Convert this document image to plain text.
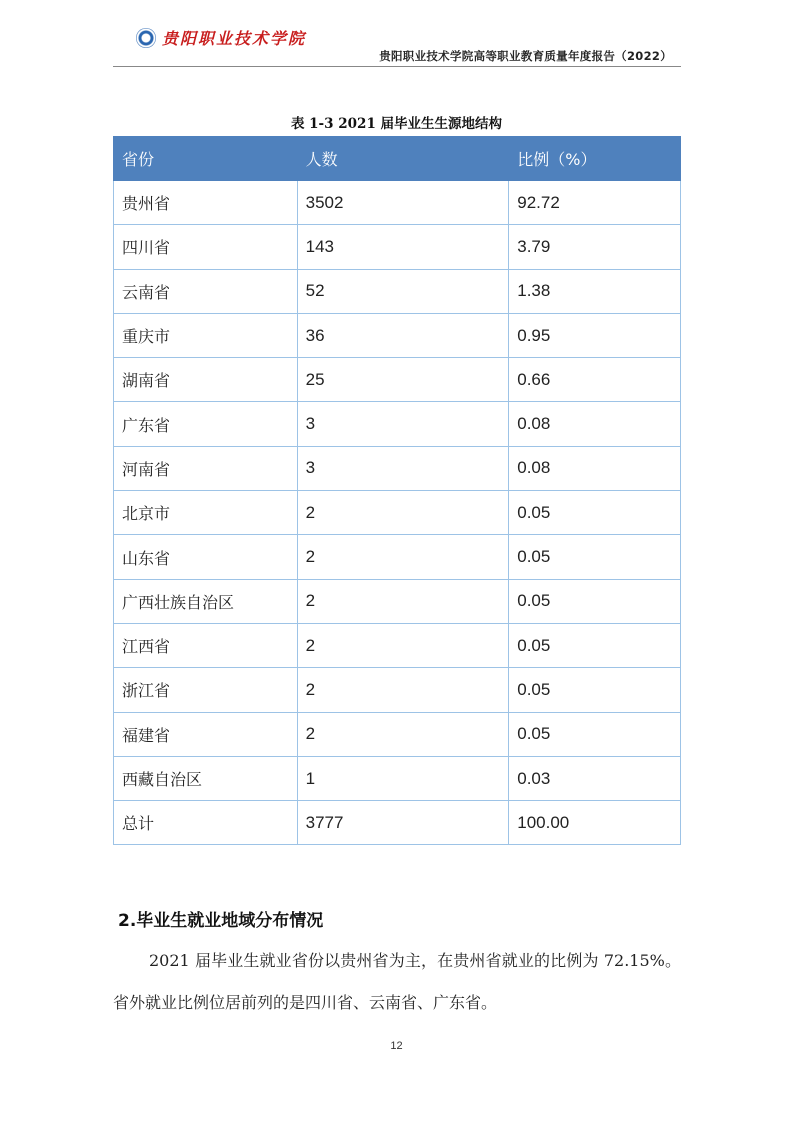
贵阳职业技术学院
贵阳职业技术学院高等职业教育质量年度报告（2022）
表 1-3 2021 届毕业生生源地结构
省份	人数	比例（%）
贵州省	3502	92.72
四川省	143	3.79
云南省	52	1.38
重庆市	36	0.95
湖南省	25	0.66
广东省	3	0.08
河南省	3	0.08
北京市	2	0.05
山东省	2	0.05
广西壮族自治区	2	0.05
江西省	2	0.05
浙江省	2	0.05
福建省	2	0.05
西藏自治区	1	0.03
总计	3777	100.00
2.毕业生就业地域分布情况

2021 届毕业生就业省份以贵州省为主，在贵州省就业的比例为 72.15%。省外就业比例位居前列的是四川省、云南省、广东省。

12
